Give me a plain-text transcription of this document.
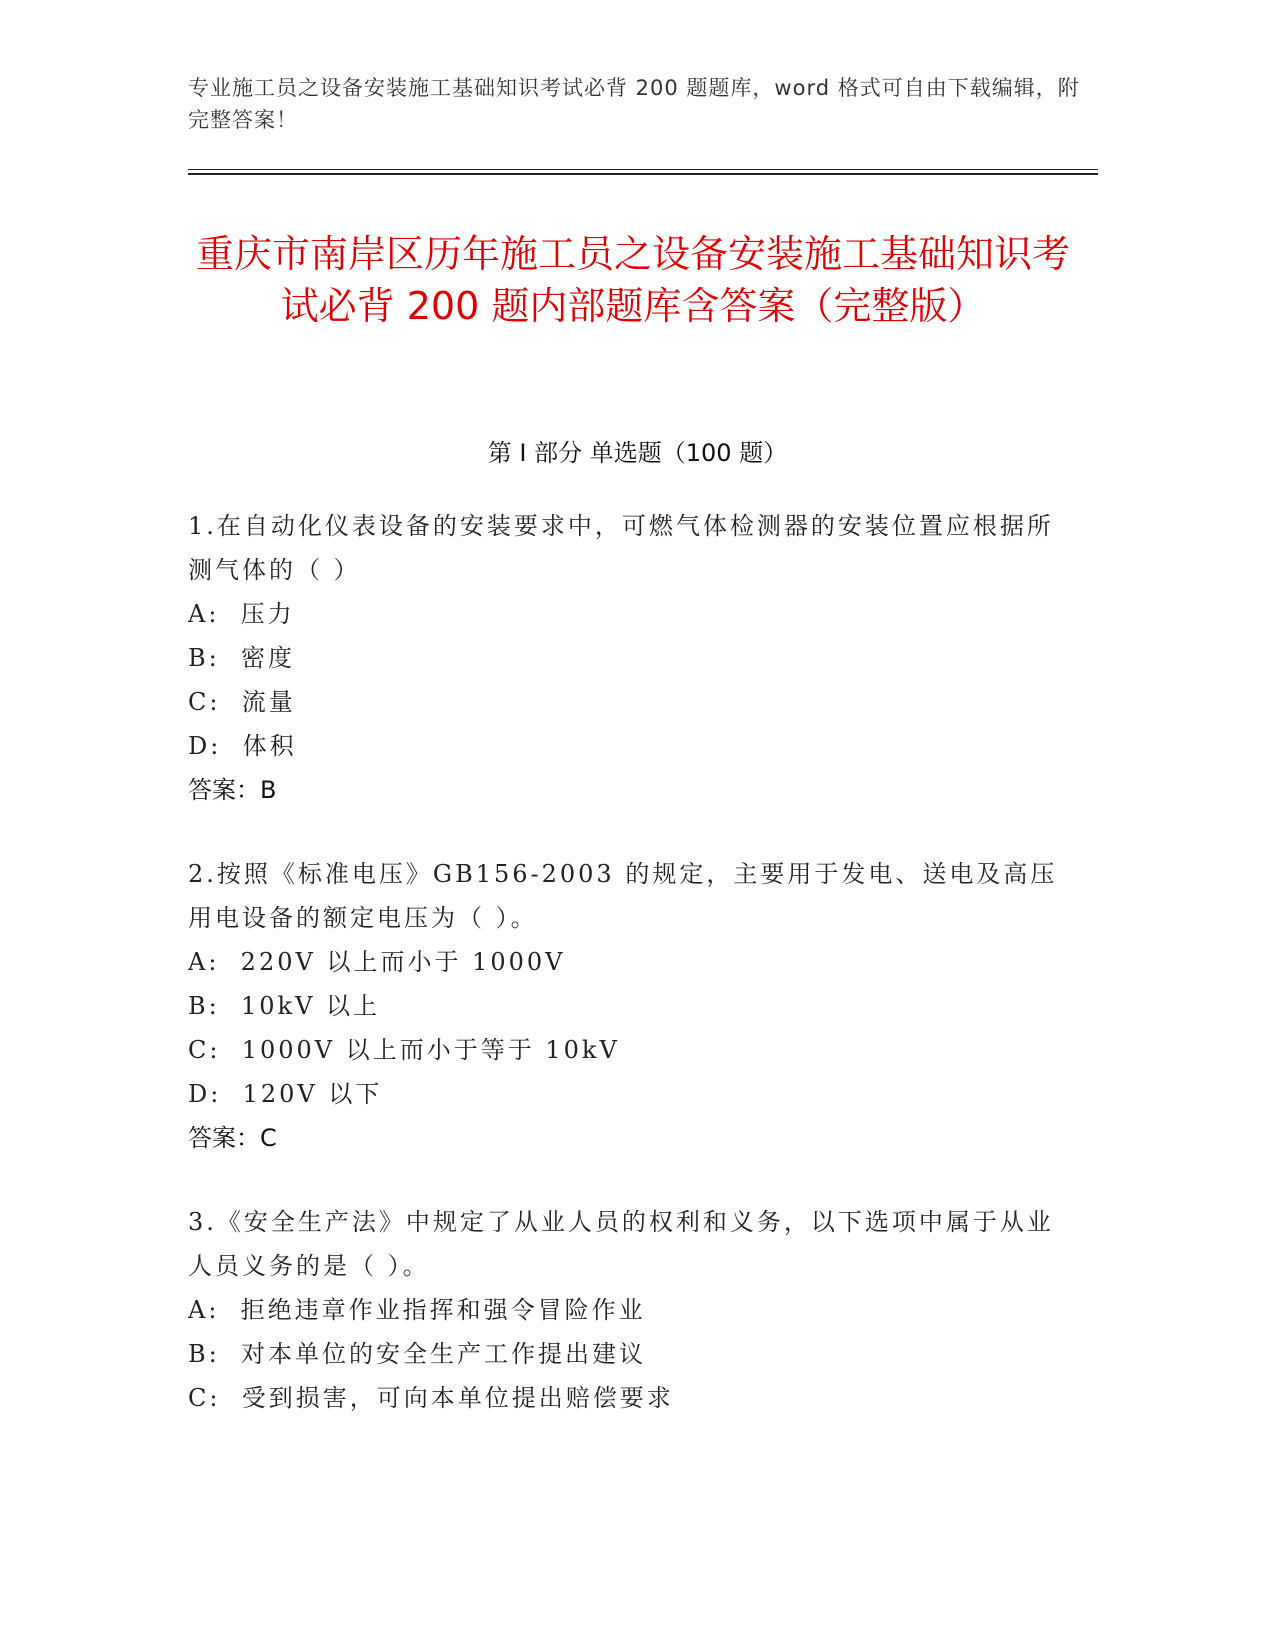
专业施工员之设备安装施工基础知识考试必背 200 题题库，word 格式可自由下载编辑，附完整答案！
重庆市南岸区历年施工员之设备安装施工基础知识考试必背 200 题内部题库含答案（完整版）
第 I 部分 单选题（100 题）

1.在自动化仪表设备的安装要求中，可燃气体检测器的安装位置应根据所测气体的（ ）

A:  压力

B:  密度

C:  流量

D:  体积

答案：B

2.按照《标准电压》GB156-2003 的规定，主要用于发电、送电及高压用电设备的额定电压为（ ）。

A:  220V 以上而小于 1000V

B:  10kV 以上

C:  1000V 以上而小于等于 10kV

D:  120V 以下

答案：C

3.《安全生产法》中规定了从业人员的权利和义务，以下选项中属于从业人员义务的是（ ）。

A:  拒绝违章作业指挥和强令冒险作业

B:  对本单位的安全生产工作提出建议

C:  受到损害，可向本单位提出赔偿要求
